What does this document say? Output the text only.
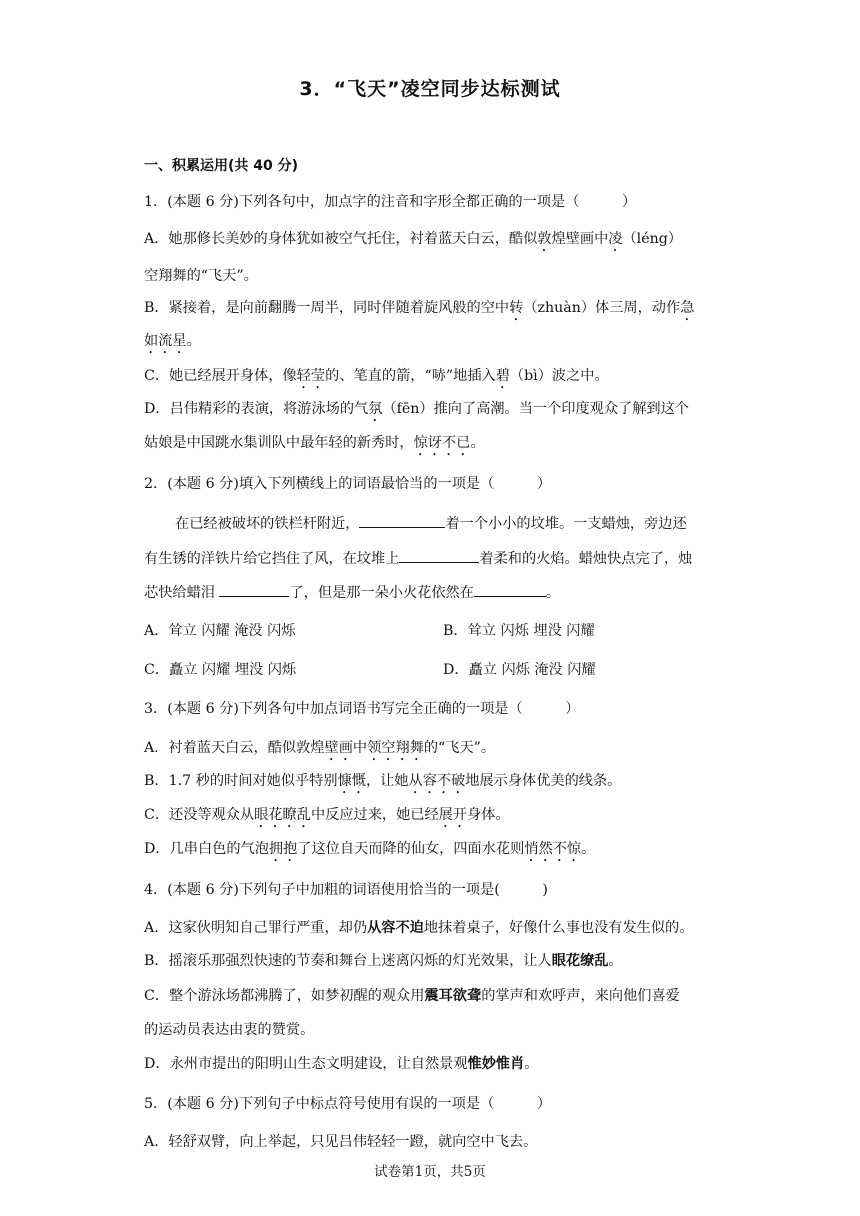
3．“飞天”凌空同步达标测试
一、积累运用(共 40 分)
1．(本题 6 分)下列各句中，加点字的注音和字形全都正确的一项是（　　　）
A．她那修长美妙的身体犹如被空气托住，衬着蓝天白云，酷似敦煌壁画中凌（léng）
空翔舞的“飞天”。
B．紧接着，是向前翻腾一周半，同时伴随着旋风般的空中转（zhuàn）体三周，动作急
如流星。
C．她已经展开身体，像轻莹的、笔直的箭，“哧”地插入碧（bì）波之中。
D．吕伟精彩的表演，将游泳场的气氛（fēn）推向了高潮。当一个印度观众了解到这个
姑娘是中国跳水集训队中最年轻的新秀时，惊讶不已。
2．(本题 6 分)填入下列横线上的词语最恰当的一项是（　　　）
在已经被破坏的铁栏杆附近，	着一个小小的坟堆。一支蜡烛，旁边还
有生锈的洋铁片给它挡住了风，在坟堆上	着柔和的火焰。蜡烛快点完了，烛
芯快给蜡泪	了，但是那一朵小火花依然在	。
A．耸立 闪耀 淹没 闪烁	B．耸立 闪烁 埋没 闪耀
C．矗立 闪耀 埋没 闪烁	D．矗立 闪烁 淹没 闪耀
3．(本题 6 分)下列各句中加点词语书写完全正确的一项是（　　　）
A．衬着蓝天白云，酷似敦煌壁画中领空翔舞的“飞天”。
B．1.7 秒的时间对她似乎特别慷慨，让她从容不破地展示身体优美的线条。
C．还没等观众从眼花瞭乱中反应过来，她已经展开身体。
D．几串白色的气泡拥抱了这位自天而降的仙女，四面水花则悄然不惊。
4．(本题 6 分)下列句子中加粗的词语使用恰当的一项是(　　　)
A．这家伙明知自己罪行严重，却仍从容不迫地抹着桌子，好像什么事也没有发生似的。
B．摇滚乐那强烈快速的节奏和舞台上迷离闪烁的灯光效果，让人眼花缭乱。
C．整个游泳场都沸腾了，如梦初醒的观众用震耳欲聋的掌声和欢呼声，来向他们喜爱
的运动员表达由衷的赞赏。
D．永州市提出的阳明山生态文明建设，让自然景观惟妙惟肖。
5．(本题 6 分)下列句子中标点符号使用有误的一项是（　　　）
A．轻舒双臂，向上举起，只见吕伟轻轻一蹬，就向空中飞去。
试卷第1页，共5页
